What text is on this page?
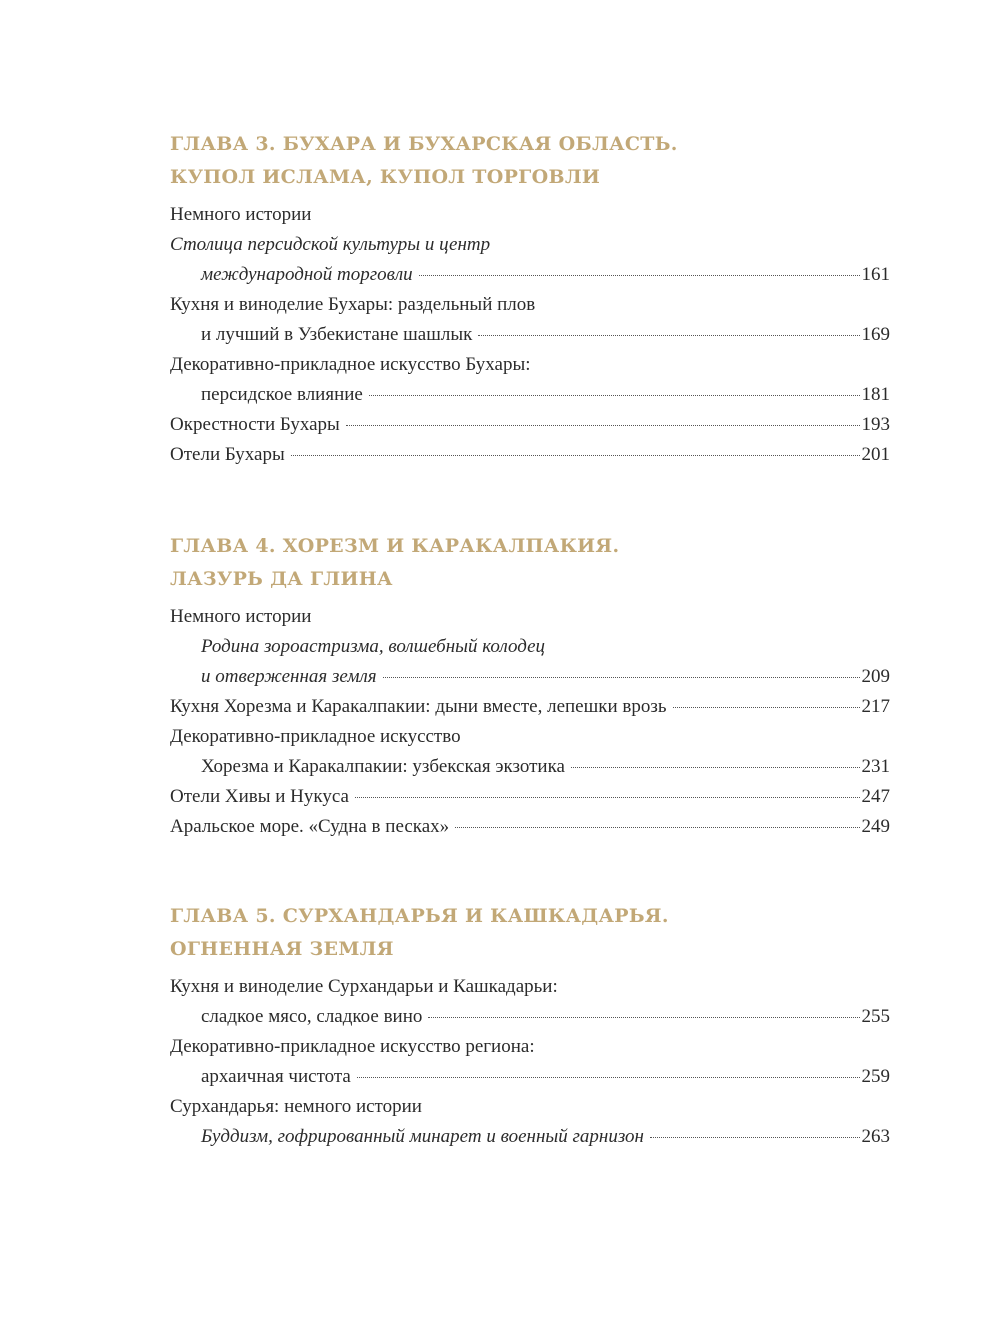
ГЛАВА 3. БУХАРА И БУХАРСКАЯ ОБЛАСТЬ.
КУПОЛ ИСЛАМА, КУПОЛ ТОРГОВЛИ
Немного истории
Столица персидской культуры и центр
международной торговли	161
Кухня и виноделие Бухары: раздельный плов
и лучший в Узбекистане шашлык	169
Декоративно-прикладное искусство Бухары:
персидское влияние	181
Окрестности Бухары	193
Отели Бухары	201
ГЛАВА 4. ХОРЕЗМ И КАРАКАЛПАКИЯ.
ЛАЗУРЬ ДА ГЛИНА
Немного истории
Родина зороастризма, волшебный колодец
и отверженная земля	209
Кухня Хорезма и Каракалпакии: дыни вместе, лепешки врозь	217
Декоративно-прикладное искусство
Хорезма и Каракалпакии: узбекская экзотика	231
Отели Хивы и Нукуса	247
Аральское море. «Судна в песках»	249
ГЛАВА 5. СУРХАНДАРЬЯ И КАШКАДАРЬЯ.
ОГНЕННАЯ ЗЕМЛЯ
Кухня и виноделие Сурхандарьи и Кашкадарьи:
сладкое мясо, сладкое вино	255
Декоративно-прикладное искусство региона:
архаичная чистота	259
Сурхандарья: немного истории
Буддизм, гофрированный минарет и военный гарнизон	263
